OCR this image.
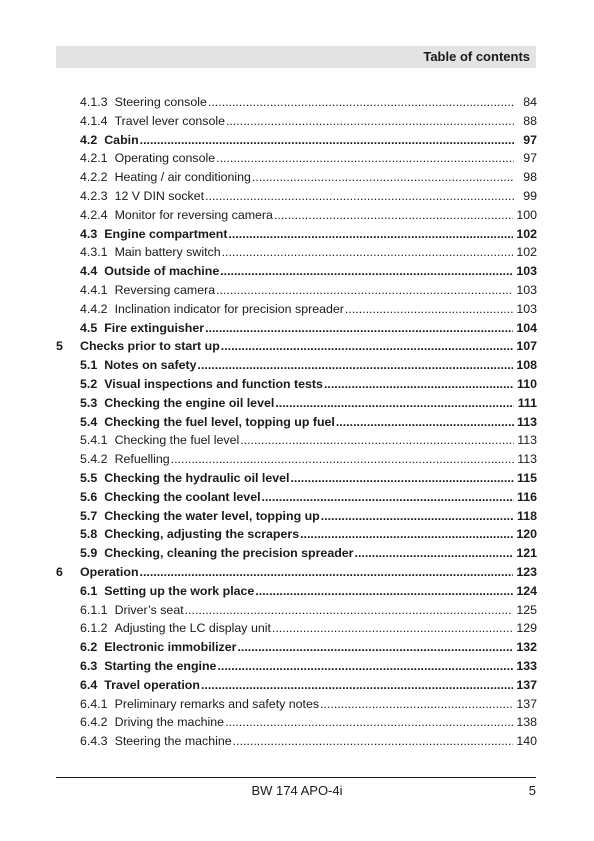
Table of contents
4.1.3 Steering console .....	84
4.1.4 Travel lever console .....	88
4.2 Cabin .....	97
4.2.1 Operating console .....	97
4.2.2 Heating / air conditioning .....	98
4.2.3 12 V DIN socket .....	99
4.2.4 Monitor for reversing camera .....	100
4.3 Engine compartment .....	102
4.3.1 Main battery switch .....	102
4.4 Outside of machine .....	103
4.4.1 Reversing camera .....	103
4.4.2 Inclination indicator for precision spreader .....	103
4.5 Fire extinguisher .....	104
5 Checks prior to start up .....	107
5.1 Notes on safety .....	108
5.2 Visual inspections and function tests .....	110
5.3 Checking the engine oil level .....	111
5.4 Checking the fuel level, topping up fuel .....	113
5.4.1 Checking the fuel level .....	113
5.4.2 Refuelling .....	113
5.5 Checking the hydraulic oil level .....	115
5.6 Checking the coolant level .....	116
5.7 Checking the water level, topping up .....	118
5.8 Checking, adjusting the scrapers .....	120
5.9 Checking, cleaning the precision spreader .....	121
6 Operation .....	123
6.1 Setting up the work place .....	124
6.1.1 Driver’s seat .....	125
6.1.2 Adjusting the LC display unit .....	129
6.2 Electronic immobilizer .....	132
6.3 Starting the engine .....	133
6.4 Travel operation .....	137
6.4.1 Preliminary remarks and safety notes .....	137
6.4.2 Driving the machine .....	138
6.4.3 Steering the machine .....	140
BW 174 APO-4i	5
